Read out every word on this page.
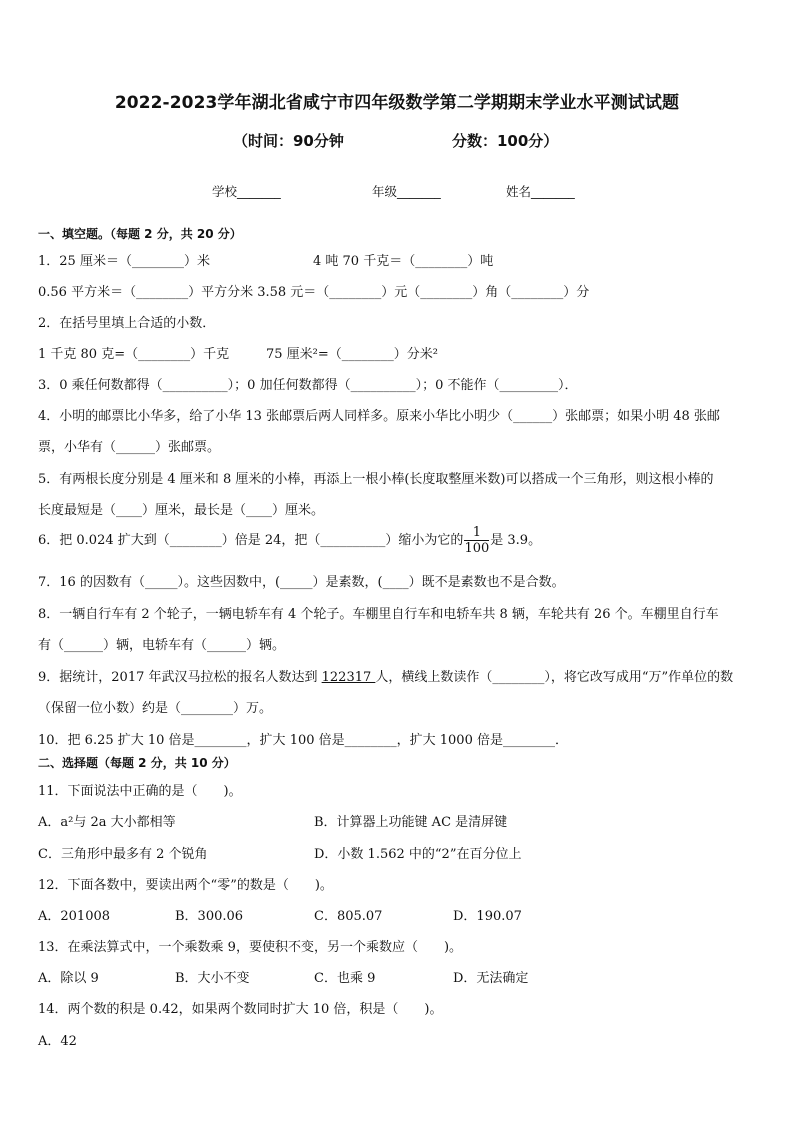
2022-2023学年湖北省咸宁市四年级数学第二学期期末学业水平测试试题
（时间：90分钟	分数：100分）
学校_______	年级_______	姓名_______
一、填空题。（每题 2 分，共 20 分）
1．25 厘米＝（________）米	4 吨 70 千克＝（________）吨
0.56 平方米＝（________）平方分米 3.58 元＝（________）元（________）角（________）分
2．在括号里填上合适的小数．
1 千克 80 克=（________）千克	75 厘米²=（________）分米²
3．0 乘任何数都得（__________）；0 加任何数都得（__________）；0 不能作（_________）．
4．小明的邮票比小华多，给了小华 13 张邮票后两人同样多。原来小华比小明少（______）张邮票；如果小明 48 张邮
票，小华有（______）张邮票。
5．有两根长度分别是 4 厘米和 8 厘米的小棒，再添上一根小棒(长度取整厘米数)可以搭成一个三角形，则这根小棒的
长度最短是（____）厘米，最长是（____）厘米。
6．把 0.024 扩大到（________）倍是 24，把（__________）缩小为它的 $\frac{1}{100}$ 是 3.9。
7．16 的因数有（_____）。这些因数中，(_____）是素数，(____）既不是素数也不是合数。
8．一辆自行车有 2 个轮子，一辆电轿车有 4 个轮子。车棚里自行车和电轿车共 8 辆，车轮共有 26 个。车棚里自行车
有（______）辆，电轿车有（______）辆。
9．据统计，2017 年武汉马拉松的报名人数达到 122317 人，横线上数读作（________），将它改写成用“万”作单位的数
（保留一位小数）约是（________）万。
10．把 6.25 扩大 10 倍是________，扩大 100 倍是________，扩大 1000 倍是________．
二、选择题（每题 2 分，共 10 分）
11．下面说法中正确的是（　　)。
A．a²与 2a 大小都相等	B．计算器上功能键 AC 是清屏键
C．三角形中最多有 2 个锐角	D．小数 1.562 中的“2”在百分位上
12．下面各数中，要读出两个“零”的数是（　　)。
A．201008	B．300.06	C．805.07	D．190.07
13．在乘法算式中，一个乘数乘 9，要使积不变，另一个乘数应（　　)。
A．除以 9	B．大小不变	C．也乘 9	D．无法确定
14．两个数的积是 0.42，如果两个数同时扩大 10 倍，积是（　　)。
A．42
